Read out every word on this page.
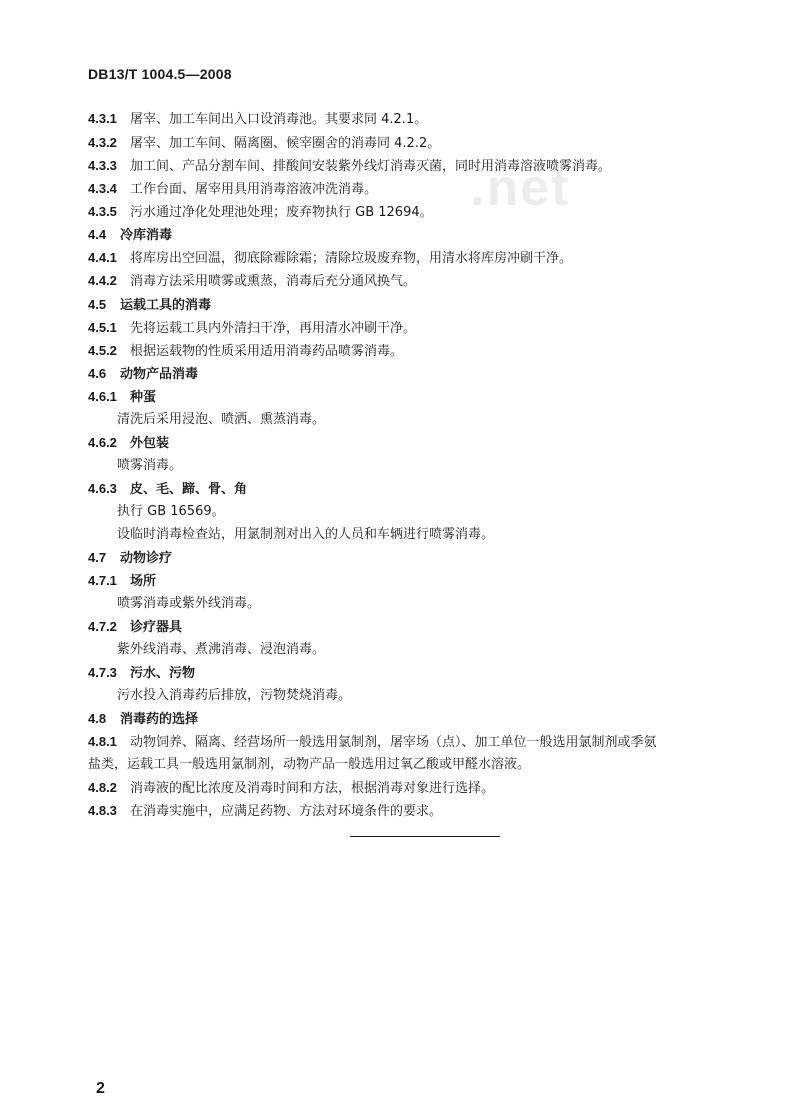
DB13/T 1004.5—2008
.net
4.3.1 屠宰、加工车间出入口设消毒池。其要求同 4.2.1。
4.3.2 屠宰、加工车间、隔离圈、候宰圈舍的消毒同 4.2.2。
4.3.3 加工间、产品分割车间、排酸间安装紫外线灯消毒灭菌，同时用消毒溶液喷雾消毒。
4.3.4 工作台面、屠宰用具用消毒溶液冲洗消毒。
4.3.5 污水通过净化处理池处理；废弃物执行 GB 12694。
4.4 冷库消毒
4.4.1 将库房出空回温，彻底除霉除霜；清除垃圾废弃物，用清水将库房冲刷干净。
4.4.2 消毒方法采用喷雾或熏蒸，消毒后充分通风换气。
4.5 运载工具的消毒
4.5.1 先将运载工具内外清扫干净，再用清水冲刷干净。
4.5.2 根据运载物的性质采用适用消毒药品喷雾消毒。
4.6 动物产品消毒
4.6.1 种蛋
清洗后采用浸泡、喷洒、熏蒸消毒。
4.6.2 外包装
喷雾消毒。
4.6.3 皮、毛、蹄、骨、角
执行 GB 16569。
设临时消毒检查站，用氯制剂对出入的人员和车辆进行喷雾消毒。
4.7 动物诊疗
4.7.1 场所
喷雾消毒或紫外线消毒。
4.7.2 诊疗器具
紫外线消毒、煮沸消毒、浸泡消毒。
4.7.3 污水、污物
污水投入消毒药后排放，污物焚烧消毒。
4.8 消毒药的选择
4.8.1 动物饲养、隔离、经营场所一般选用氯制剂，屠宰场（点）、加工单位一般选用氯制剂或季氨
盐类，运载工具一般选用氯制剂，动物产品一般选用过氧乙酸或甲醛水溶液。
4.8.2 消毒液的配比浓度及消毒时间和方法，根据消毒对象进行选择。
4.8.3 在消毒实施中，应满足药物、方法对环境条件的要求。
2
